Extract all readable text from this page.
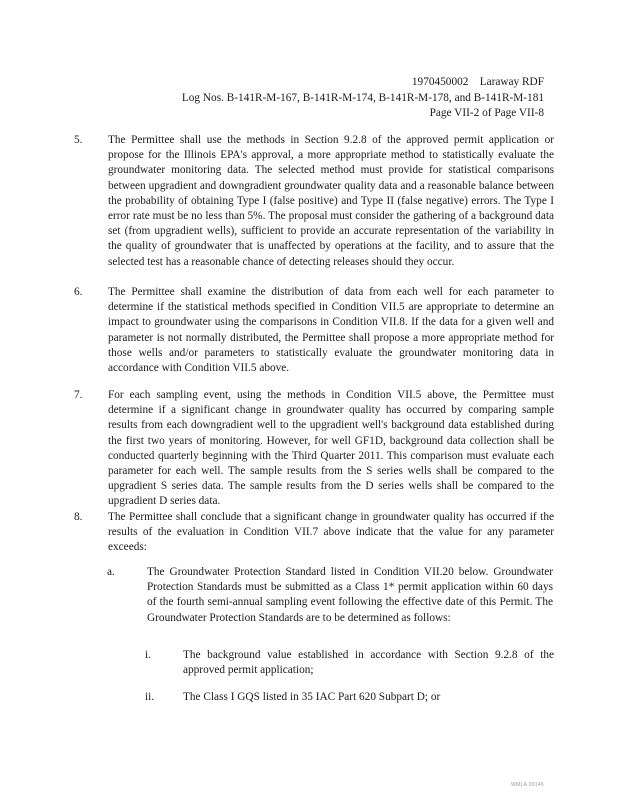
1970450002    Laraway RDF
Log Nos. B-141R-M-167, B-141R-M-174, B-141R-M-178, and B-141R-M-181
Page VII-2 of Page VII-8
5. The Permittee shall use the methods in Section 9.2.8 of the approved permit application or propose for the Illinois EPA's approval, a more appropriate method to statistically evaluate the groundwater monitoring data. The selected method must provide for statistical comparisons between upgradient and downgradient groundwater quality data and a reasonable balance between the probability of obtaining Type I (false positive) and Type II (false negative) errors. The Type I error rate must be no less than 5%. The proposal must consider the gathering of a background data set (from upgradient wells), sufficient to provide an accurate representation of the variability in the quality of groundwater that is unaffected by operations at the facility, and to assure that the selected test has a reasonable chance of detecting releases should they occur.
6. The Permittee shall examine the distribution of data from each well for each parameter to determine if the statistical methods specified in Condition VII.5 are appropriate to determine an impact to groundwater using the comparisons in Condition VII.8. If the data for a given well and parameter is not normally distributed, the Permittee shall propose a more appropriate method for those wells and/or parameters to statistically evaluate the groundwater monitoring data in accordance with Condition VII.5 above.
7. For each sampling event, using the methods in Condition VII.5 above, the Permittee must determine if a significant change in groundwater quality has occurred by comparing sample results from each downgradient well to the upgradient well's background data established during the first two years of monitoring. However, for well GF1D, background data collection shall be conducted quarterly beginning with the Third Quarter 2011. This comparison must evaluate each parameter for each well. The sample results from the S series wells shall be compared to the upgradient S series data. The sample results from the D series wells shall be compared to the upgradient D series data.
8. The Permittee shall conclude that a significant change in groundwater quality has occurred if the results of the evaluation in Condition VII.7 above indicate that the value for any parameter exceeds:
a.	The Groundwater Protection Standard listed in Condition VII.20 below. Groundwater Protection Standards must be submitted as a Class 1* permit application within 60 days of the fourth semi-annual sampling event following the effective date of this Permit. The Groundwater Protection Standards are to be determined as follows:
i.	The background value established in accordance with Section 9.2.8 of the approved permit application;
ii.	The Class I GQS listed in 35 IAC Part 620 Subpart D; or
WMLA 00146
